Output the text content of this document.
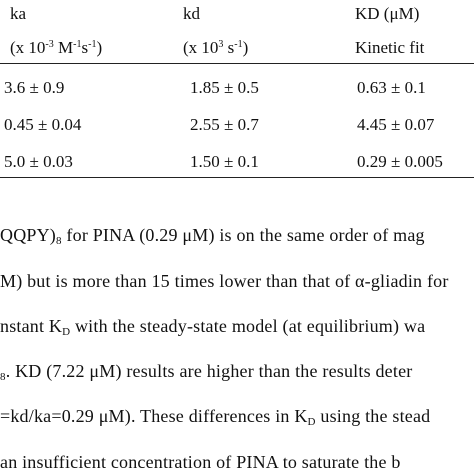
ka	kd	KD (μM)
(x $10^{-3}$ $M^{-1}s^{-1}$)	(x $10^3$ $s^{-1}$)	Kinetic fit
3.6 ± 0.9	1.85 ± 0.5	0.63 ± 0.1
0.45 ± 0.04	2.55 ± 0.7	4.45 ± 0.07
5.0 ± 0.03	1.50 ± 0.1	0.29 ± 0.005
$QQPY)_8$ for PINA (0.29 μM) is on the same order of mag
M) but is more than 15 times lower than that of α-gliadin for
nstant $K_D$ with the steady-state model (at equilibrium) wa
$_8$. KD (7.22 μM) results are higher than the results deter
=kd/ka=0.29 μM). These differences in $K_D$ using the stead
an insufficient concentration of PINA to saturate the b
